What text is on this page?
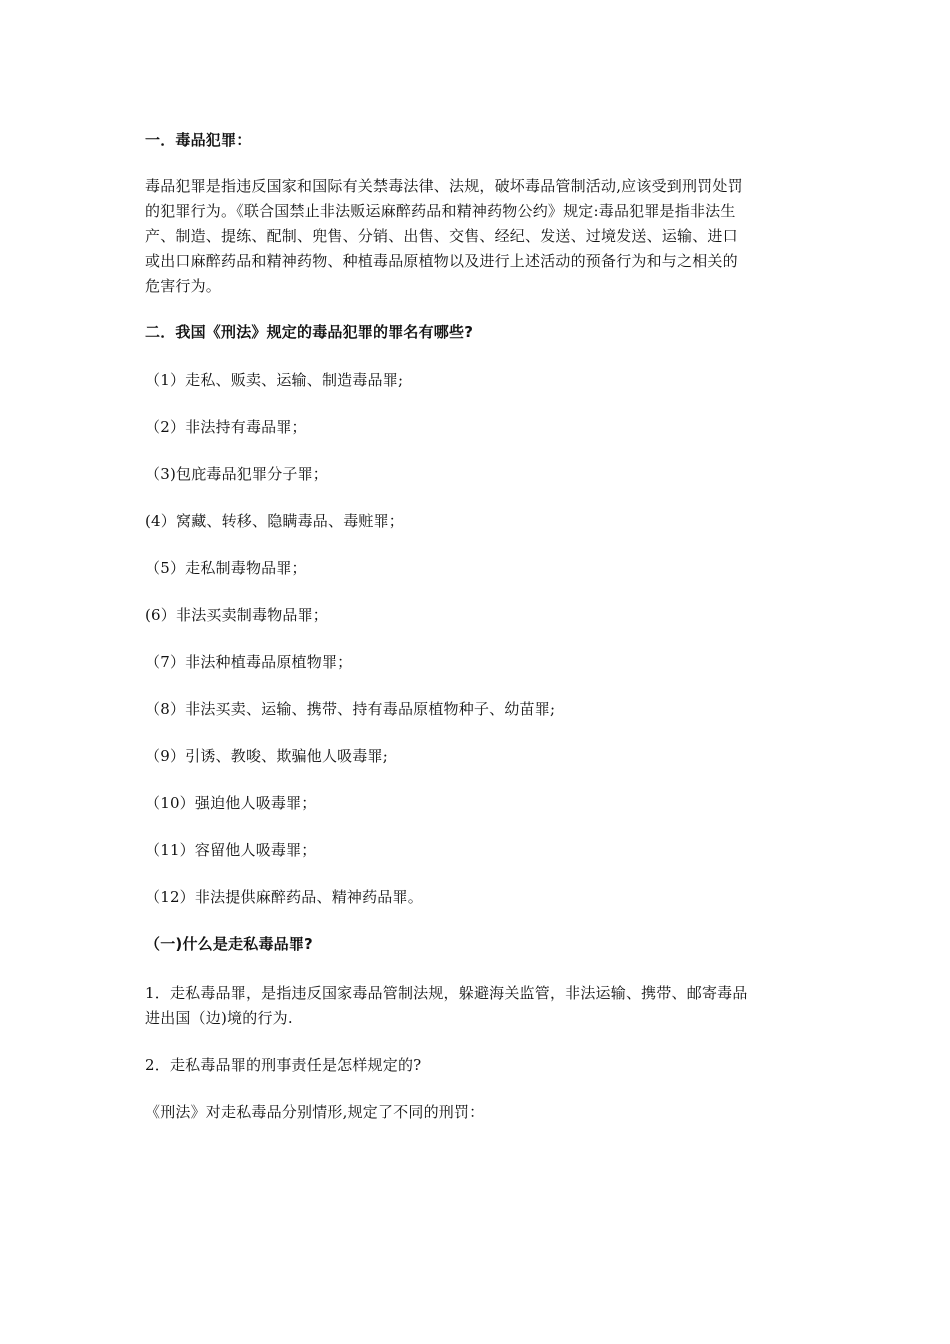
一．毒品犯罪：
毒品犯罪是指违反国家和国际有关禁毒法律、法规，破坏毒品管制活动,应该受到刑罚处罚
的犯罪行为。《联合国禁止非法贩运麻醉药品和精神药物公约》规定:毒品犯罪是指非法生
产、制造、提练、配制、兜售、分销、出售、交售、经纪、发送、过境发送、运输、进口
或出口麻醉药品和精神药物、种植毒品原植物以及进行上述活动的预备行为和与之相关的
危害行为。
二．我国《刑法》规定的毒品犯罪的罪名有哪些?
（1）走私、贩卖、运输、制造毒品罪;
（2）非法持有毒品罪；
（3)包庇毒品犯罪分子罪；
(4）窝藏、转移、隐瞒毒品、毒赃罪；
（5）走私制毒物品罪；
(6）非法买卖制毒物品罪；
（7）非法种植毒品原植物罪；
（8）非法买卖、运输、携带、持有毒品原植物种子、幼苗罪;
（9）引诱、教唆、欺骗他人吸毒罪;
（10）强迫他人吸毒罪；
（11）容留他人吸毒罪；
（12）非法提供麻醉药品、精神药品罪。
（一)什么是走私毒品罪?
1．走私毒品罪，是指违反国家毒品管制法规，躲避海关监管，非法运输、携带、邮寄毒品
进出国（边)境的行为.
2．走私毒品罪的刑事责任是怎样规定的?
《刑法》对走私毒品分别情形,规定了不同的刑罚：
